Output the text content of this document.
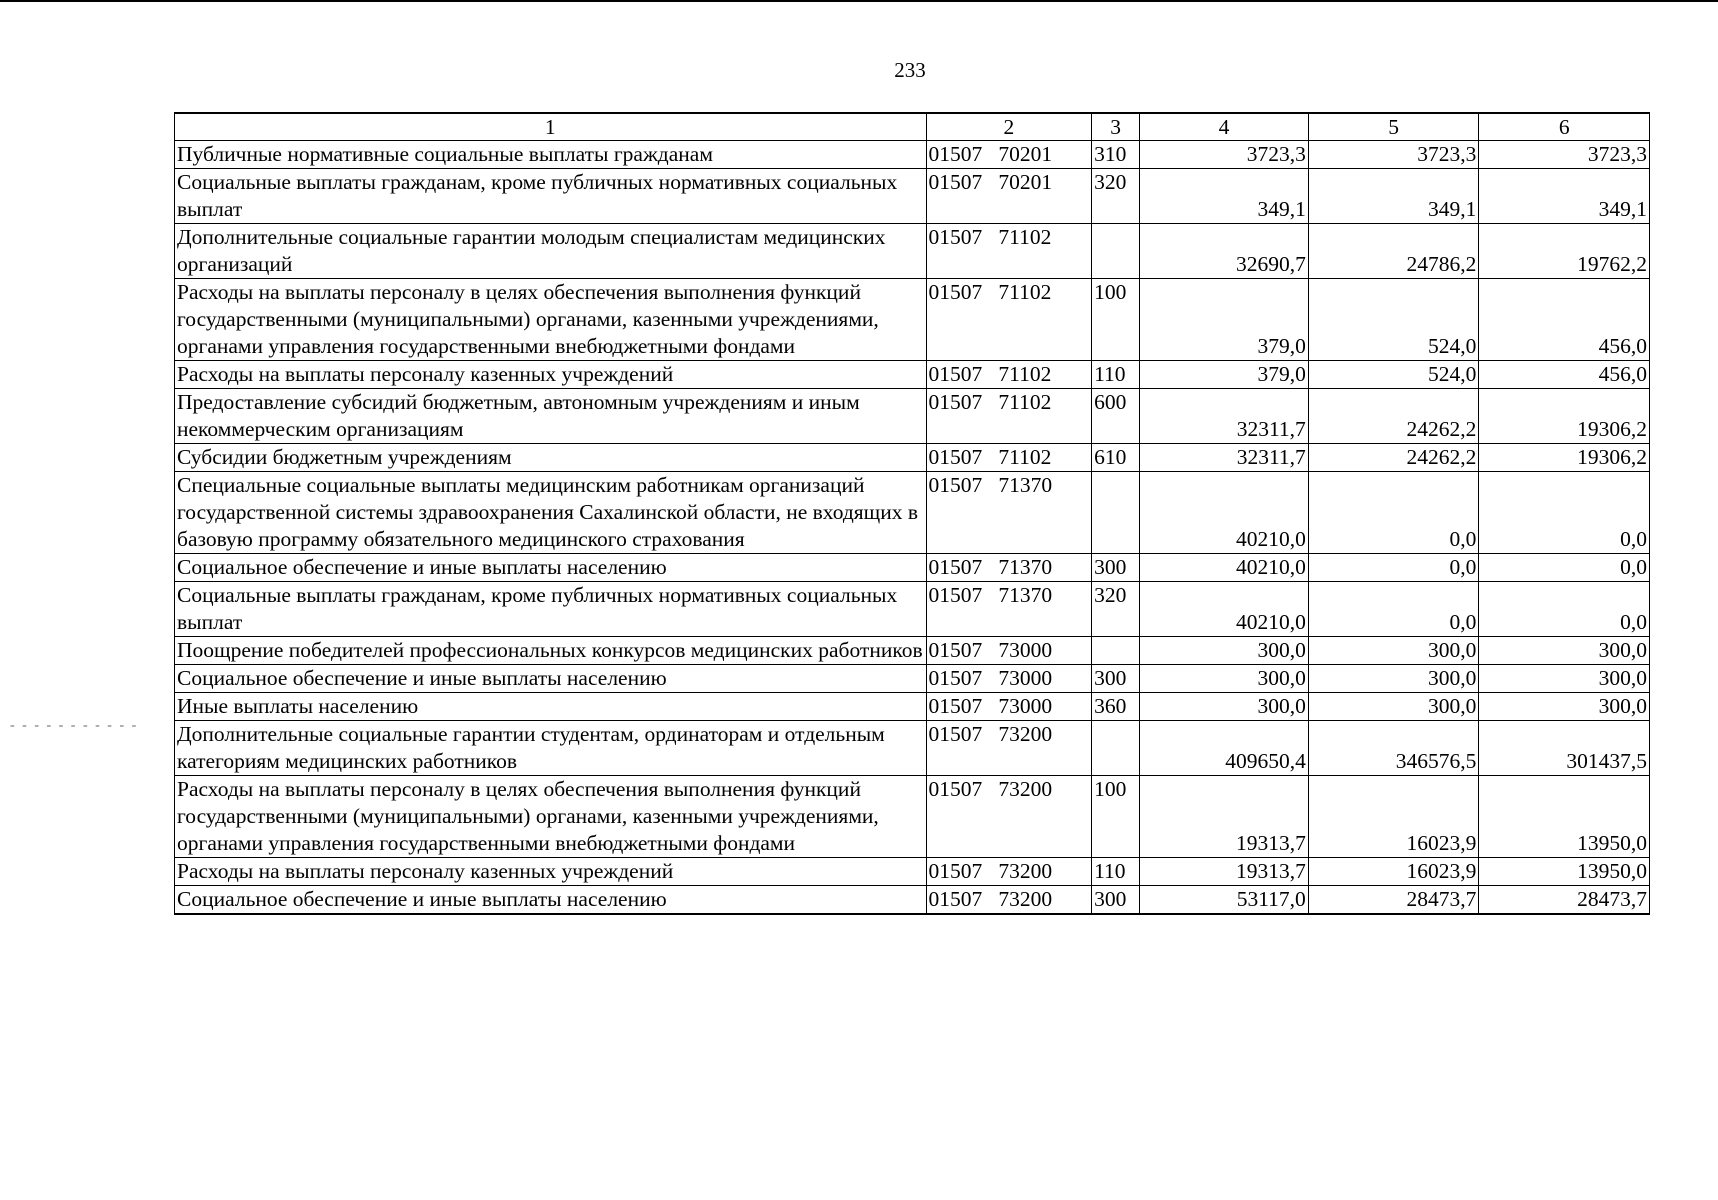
233
- - - - - - - - - - -
1	2	3	4	5	6
Публичные нормативные социальные выплаты гражданам	01507   70201	310	3723,3	3723,3	3723,3
Социальные выплаты гражданам, кроме публичных нормативных социальных выплат	01507   70201	320	349,1	349,1	349,1
Дополнительные социальные гарантии молодым специалистам медицинских организаций	01507   71102		32690,7	24786,2	19762,2
Расходы на выплаты персоналу в целях обеспечения выполнения функций государственными (муниципальными) органами, казенными учреждениями, органами управления государственными внебюджетными фондами	01507   71102	100	379,0	524,0	456,0
Расходы на выплаты персоналу казенных учреждений	01507   71102	110	379,0	524,0	456,0
Предоставление субсидий бюджетным, автономным учреждениям и иным некоммерческим организациям	01507   71102	600	32311,7	24262,2	19306,2
Субсидии бюджетным учреждениям	01507   71102	610	32311,7	24262,2	19306,2
Специальные социальные выплаты медицинским работникам организаций государственной системы здравоохранения Сахалинской области, не входящих в базовую программу обязательного медицинского страхования	01507   71370		40210,0	0,0	0,0
Социальное обеспечение и иные выплаты населению	01507   71370	300	40210,0	0,0	0,0
Социальные выплаты гражданам, кроме публичных нормативных социальных выплат	01507   71370	320	40210,0	0,0	0,0
Поощрение победителей профессиональных конкурсов медицинских работников	01507   73000		300,0	300,0	300,0
Социальное обеспечение и иные выплаты населению	01507   73000	300	300,0	300,0	300,0
Иные выплаты населению	01507   73000	360	300,0	300,0	300,0
Дополнительные социальные гарантии студентам, ординаторам и отдельным категориям медицинских работников	01507   73200		409650,4	346576,5	301437,5
Расходы на выплаты персоналу в целях обеспечения выполнения функций государственными (муниципальными) органами, казенными учреждениями, органами управления государственными внебюджетными фондами	01507   73200	100	19313,7	16023,9	13950,0
Расходы на выплаты персоналу казенных учреждений	01507   73200	110	19313,7	16023,9	13950,0
Социальное обеспечение и иные выплаты населению	01507   73200	300	53117,0	28473,7	28473,7
